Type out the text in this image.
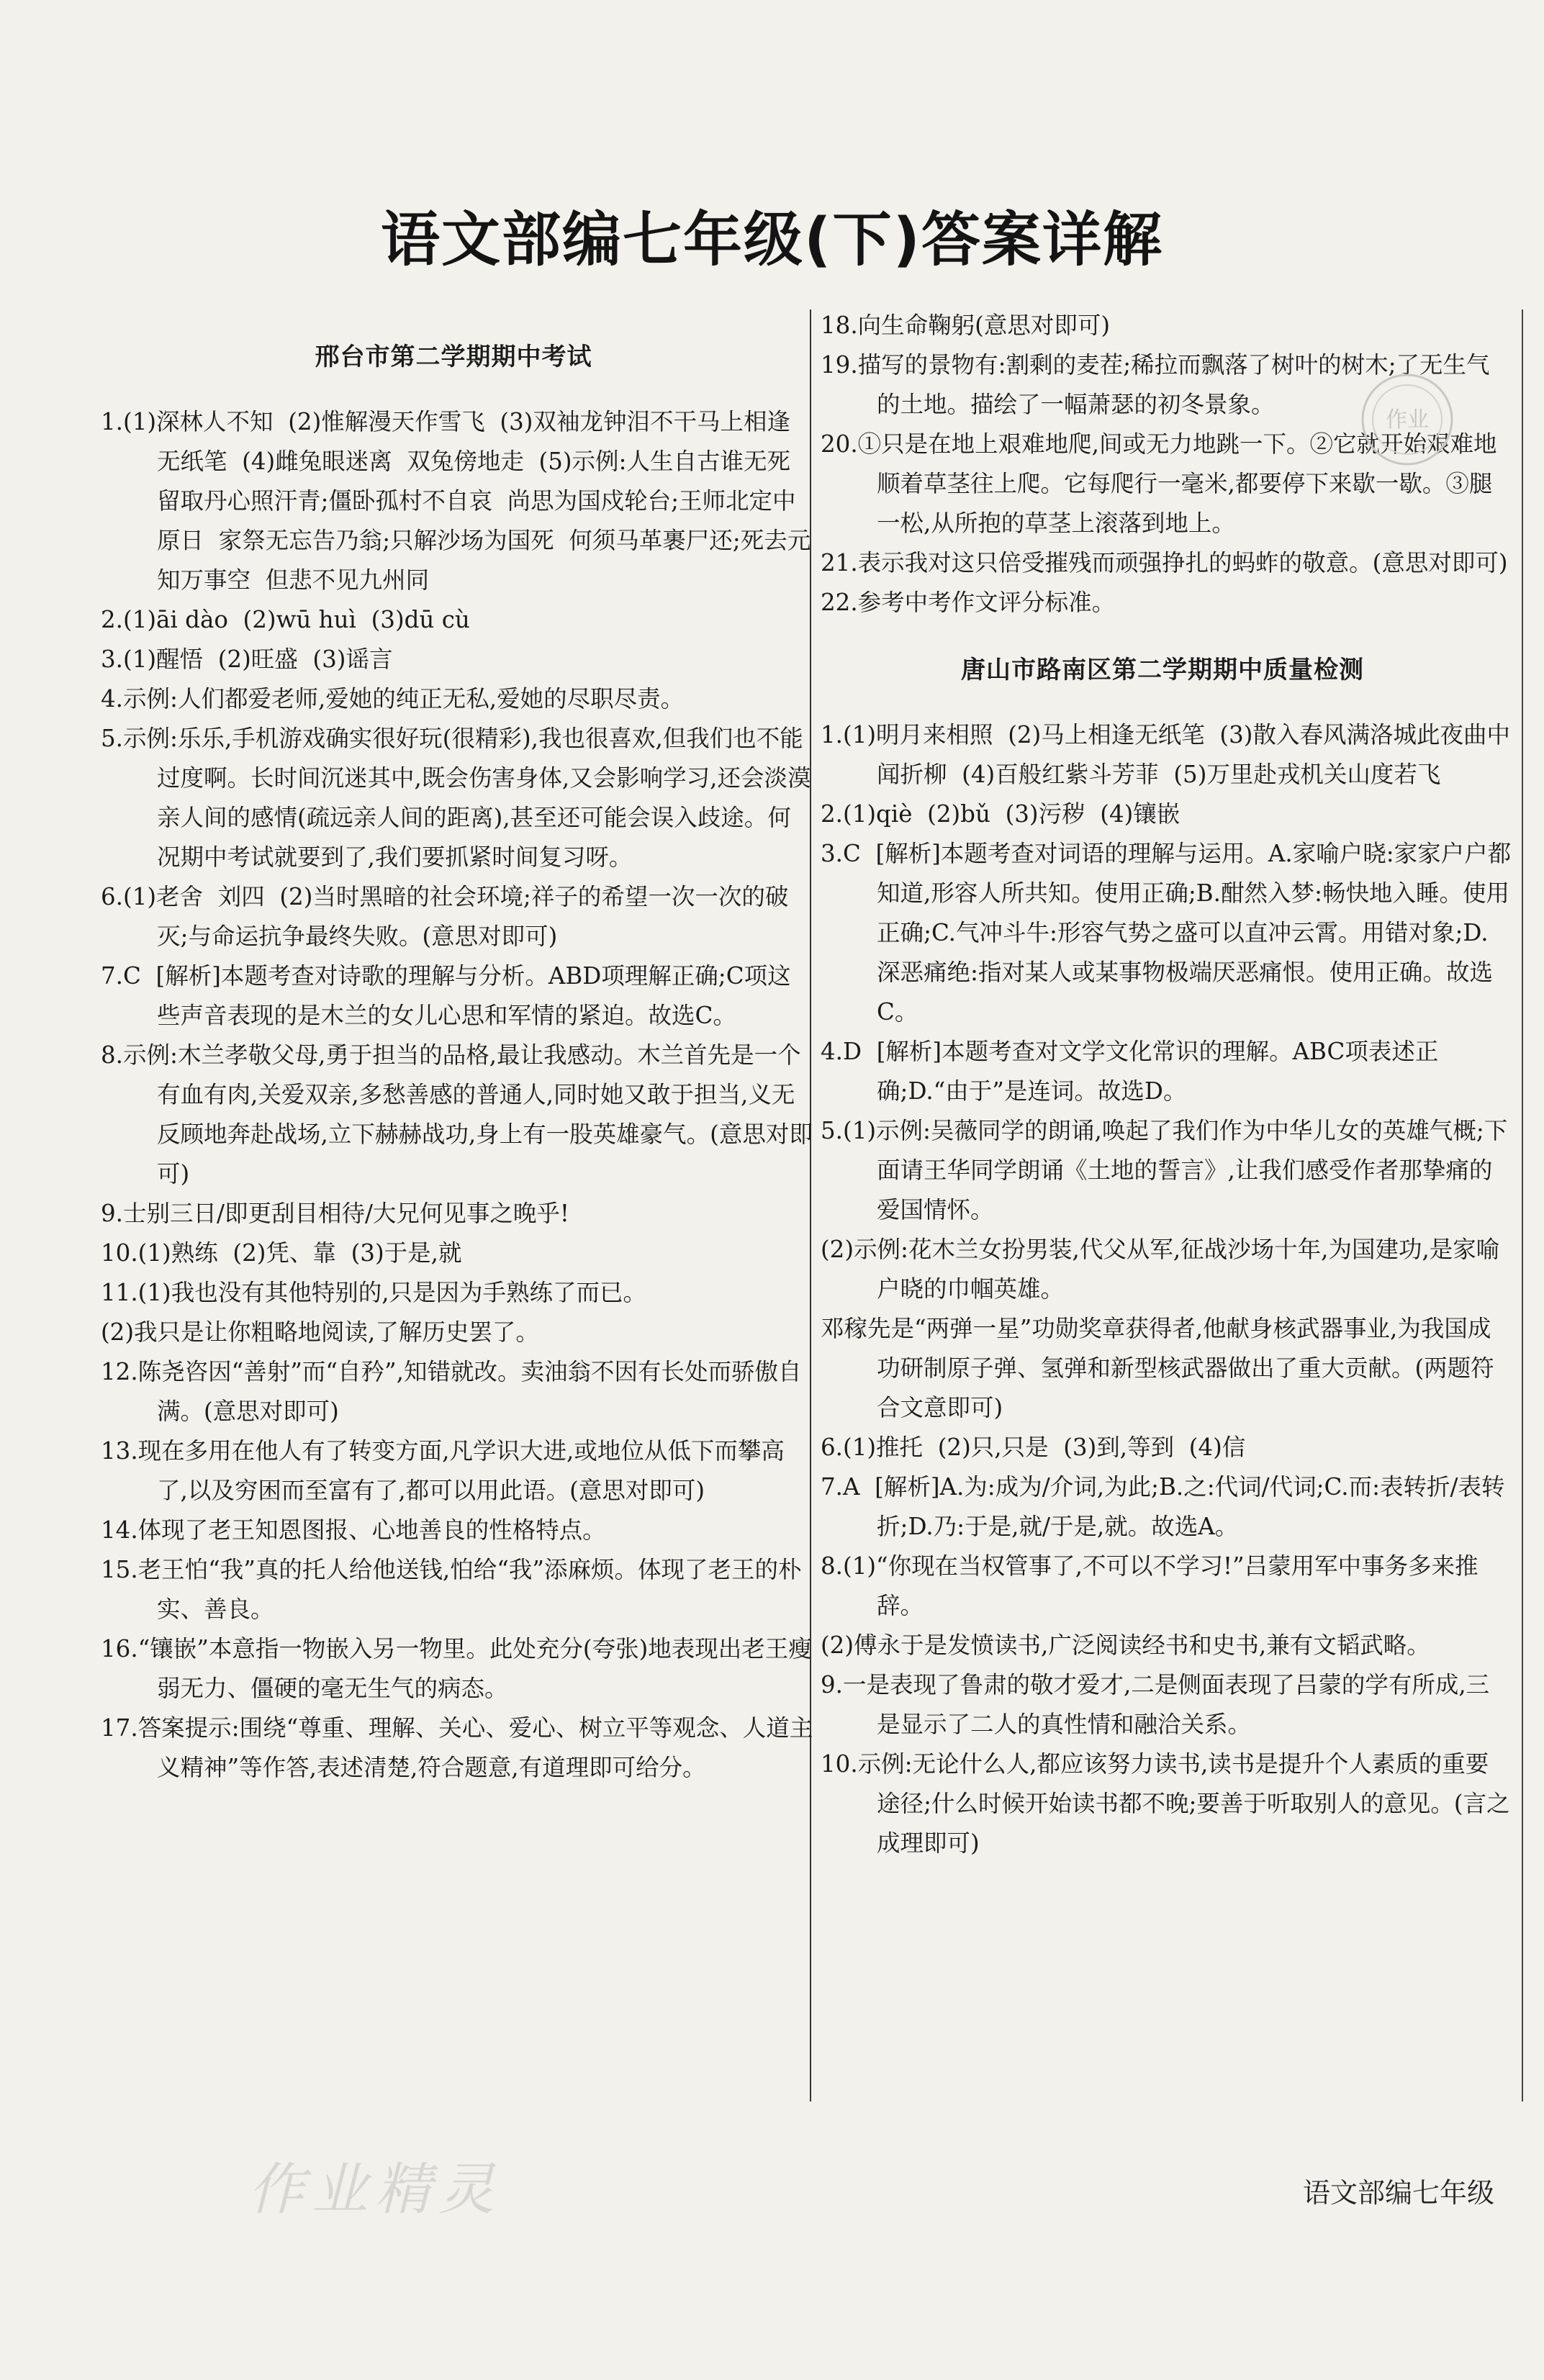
语文部编七年级(下)答案详解
邢台市第二学期期中考试
1.(1)深林人不知  (2)惟解漫天作雪飞  (3)双袖龙钟泪不干马上相逢无纸笔  (4)雌兔眼迷离  双兔傍地走  (5)示例:人生自古谁无死  留取丹心照汗青;僵卧孤村不自哀  尚思为国戍轮台;王师北定中原日  家祭无忘告乃翁;只解沙场为国死  何须马革裹尸还;死去元知万事空  但悲不见九州同
2.(1)āi dào  (2)wū huì  (3)dū cù
3.(1)醒悟  (2)旺盛  (3)谣言
4.示例:人们都爱老师,爱她的纯正无私,爱她的尽职尽责。
5.示例:乐乐,手机游戏确实很好玩(很精彩),我也很喜欢,但我们也不能过度啊。长时间沉迷其中,既会伤害身体,又会影响学习,还会淡漠亲人间的感情(疏远亲人间的距离),甚至还可能会误入歧途。何况期中考试就要到了,我们要抓紧时间复习呀。
6.(1)老舍  刘四  (2)当时黑暗的社会环境;祥子的希望一次一次的破灭;与命运抗争最终失败。(意思对即可)
7.C  [解析]本题考查对诗歌的理解与分析。ABD项理解正确;C项这些声音表现的是木兰的女儿心思和军情的紧迫。故选C。
8.示例:木兰孝敬父母,勇于担当的品格,最让我感动。木兰首先是一个有血有肉,关爱双亲,多愁善感的普通人,同时她又敢于担当,义无反顾地奔赴战场,立下赫赫战功,身上有一股英雄豪气。(意思对即可)
9.士别三日/即更刮目相待/大兄何见事之晚乎!
10.(1)熟练  (2)凭、靠  (3)于是,就
11.(1)我也没有其他特别的,只是因为手熟练了而已。
(2)我只是让你粗略地阅读,了解历史罢了。
12.陈尧咨因“善射”而“自矜”,知错就改。卖油翁不因有长处而骄傲自满。(意思对即可)
13.现在多用在他人有了转变方面,凡学识大进,或地位从低下而攀高了,以及穷困而至富有了,都可以用此语。(意思对即可)
14.体现了老王知恩图报、心地善良的性格特点。
15.老王怕“我”真的托人给他送钱,怕给“我”添麻烦。体现了老王的朴实、善良。
16.“镶嵌”本意指一物嵌入另一物里。此处充分(夸张)地表现出老王瘦弱无力、僵硬的毫无生气的病态。
17.答案提示:围绕“尊重、理解、关心、爱心、树立平等观念、人道主义精神”等作答,表述清楚,符合题意,有道理即可给分。
18.向生命鞠躬(意思对即可)
19.描写的景物有:割剩的麦茬;稀拉而飘落了树叶的树木;了无生气的土地。描绘了一幅萧瑟的初冬景象。
20.①只是在地上艰难地爬,间或无力地跳一下。②它就开始艰难地顺着草茎往上爬。它每爬行一毫米,都要停下来歇一歇。③腿一松,从所抱的草茎上滚落到地上。
21.表示我对这只倍受摧残而顽强挣扎的蚂蚱的敬意。(意思对即可)
22.参考中考作文评分标准。
唐山市路南区第二学期期中质量检测
1.(1)明月来相照  (2)马上相逢无纸笔  (3)散入春风满洛城此夜曲中闻折柳  (4)百般红紫斗芳菲  (5)万里赴戎机关山度若飞
2.(1)qiè  (2)bǔ  (3)污秽  (4)镶嵌
3.C  [解析]本题考查对词语的理解与运用。A.家喻户晓:家家户户都知道,形容人所共知。使用正确;B.酣然入梦:畅快地入睡。使用正确;C.气冲斗牛:形容气势之盛可以直冲云霄。用错对象;D.深恶痛绝:指对某人或某事物极端厌恶痛恨。使用正确。故选C。
4.D  [解析]本题考查对文学文化常识的理解。ABC项表述正确;D.“由于”是连词。故选D。
5.(1)示例:吴薇同学的朗诵,唤起了我们作为中华儿女的英雄气概;下面请王华同学朗诵《土地的誓言》,让我们感受作者那挚痛的爱国情怀。
(2)示例:花木兰女扮男装,代父从军,征战沙场十年,为国建功,是家喻户晓的巾帼英雄。
邓稼先是“两弹一星”功勋奖章获得者,他献身核武器事业,为我国成功研制原子弹、氢弹和新型核武器做出了重大贡献。(两题符合文意即可)
6.(1)推托  (2)只,只是  (3)到,等到  (4)信
7.A  [解析]A.为:成为/介词,为此;B.之:代词/代词;C.而:表转折/表转折;D.乃:于是,就/于是,就。故选A。
8.(1)“你现在当权管事了,不可以不学习!”吕蒙用军中事务多来推辞。
(2)傅永于是发愤读书,广泛阅读经书和史书,兼有文韬武略。
9.一是表现了鲁肃的敬才爱才,二是侧面表现了吕蒙的学有所成,三是显示了二人的真性情和融洽关系。
10.示例:无论什么人,都应该努力读书,读书是提升个人素质的重要途径;什么时候开始读书都不晚;要善于听取别人的意见。(言之成理即可)
作业
作业精灵	语文部编七年级
